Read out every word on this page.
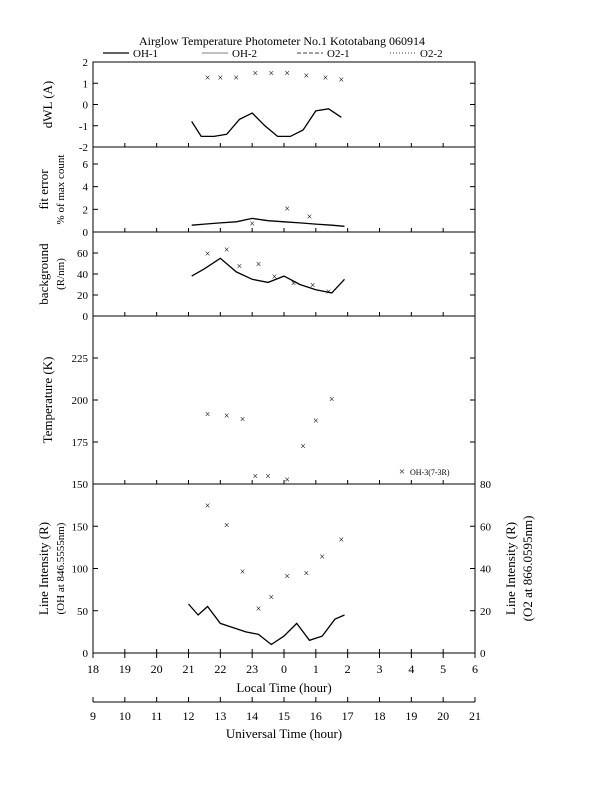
Airglow Temperature Photometer No.1 Kototabang 060914
OH-1	OH-2	O2-1	O2-2
-2
-1
0
1
2
dWL (A)
× × × × × × × × ×
0
2
4
6
fit error % of max count	×
×
×
0
20
40
60
background (R/nm)
× ×
× ×
×
× ×
×
150
175
200
225
Temperature (K)
× OH-3(7-3R)
× × ×
× × ×
×
×
×
0
50
100
150
Line Intensity (R) (OH at 846.5555nm)
0
20
40
60
80
Line Intensity (R) (O2 at 866.0595nm)
×
×
×
×
×
× ×
×
×
18 19 20 21 22 23 0 1 2 3 4 5 6
Local Time (hour)
9 10 11 12 13 14 15 16 17 18 19 20 21
Universal Time (hour)
